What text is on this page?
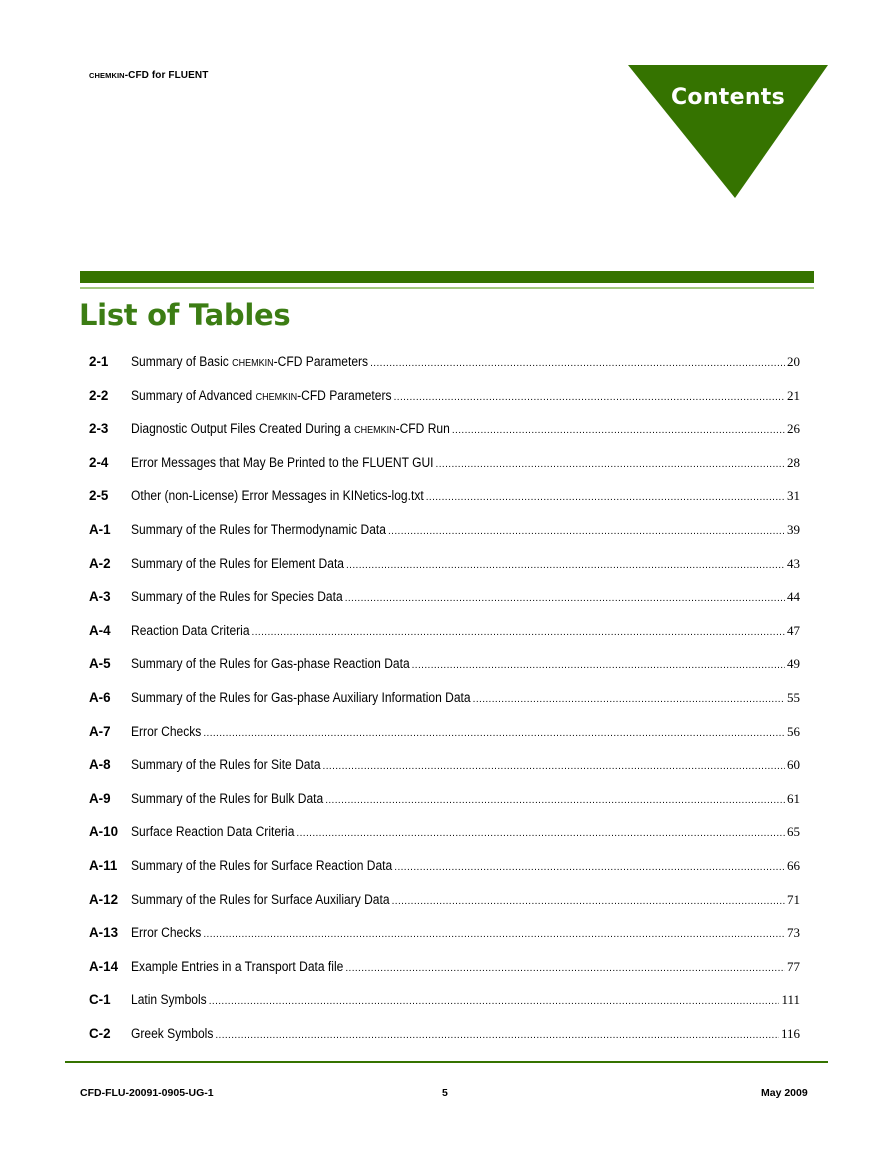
CHEMKIN-CFD for FLUENT
Contents
List of Tables
2-1	Summary of Basic CHEMKIN-CFD Parameters .....	20
2-2	Summary of Advanced CHEMKIN-CFD Parameters .....	21
2-3	Diagnostic Output Files Created During a CHEMKIN-CFD Run .....	26
2-4	Error Messages that May Be Printed to the FLUENT GUI .....	28
2-5	Other (non-License) Error Messages in KINetics-log.txt .....	31
A-1	Summary of the Rules for Thermodynamic Data .....	39
A-2	Summary of the Rules for Element Data .....	43
A-3	Summary of the Rules for Species Data .....	44
A-4	Reaction Data Criteria .....	47
A-5	Summary of the Rules for Gas-phase Reaction Data .....	49
A-6	Summary of the Rules for Gas-phase Auxiliary Information Data .....	55
A-7	Error Checks .....	56
A-8	Summary of the Rules for Site Data .....	60
A-9	Summary of the Rules for Bulk Data .....	61
A-10 Surface Reaction Data Criteria .....	65
A-11	Summary of the Rules for Surface Reaction Data .....	66
A-12 Summary of the Rules for Surface Auxiliary Data .....	71
A-13 Error Checks .....	73
A-14 Example Entries in a Transport Data file .....	77
C-1	Latin Symbols .....	111
C-2	Greek Symbols .....	116
CFD-FLU-20091-0905-UG-1	5	May 2009
